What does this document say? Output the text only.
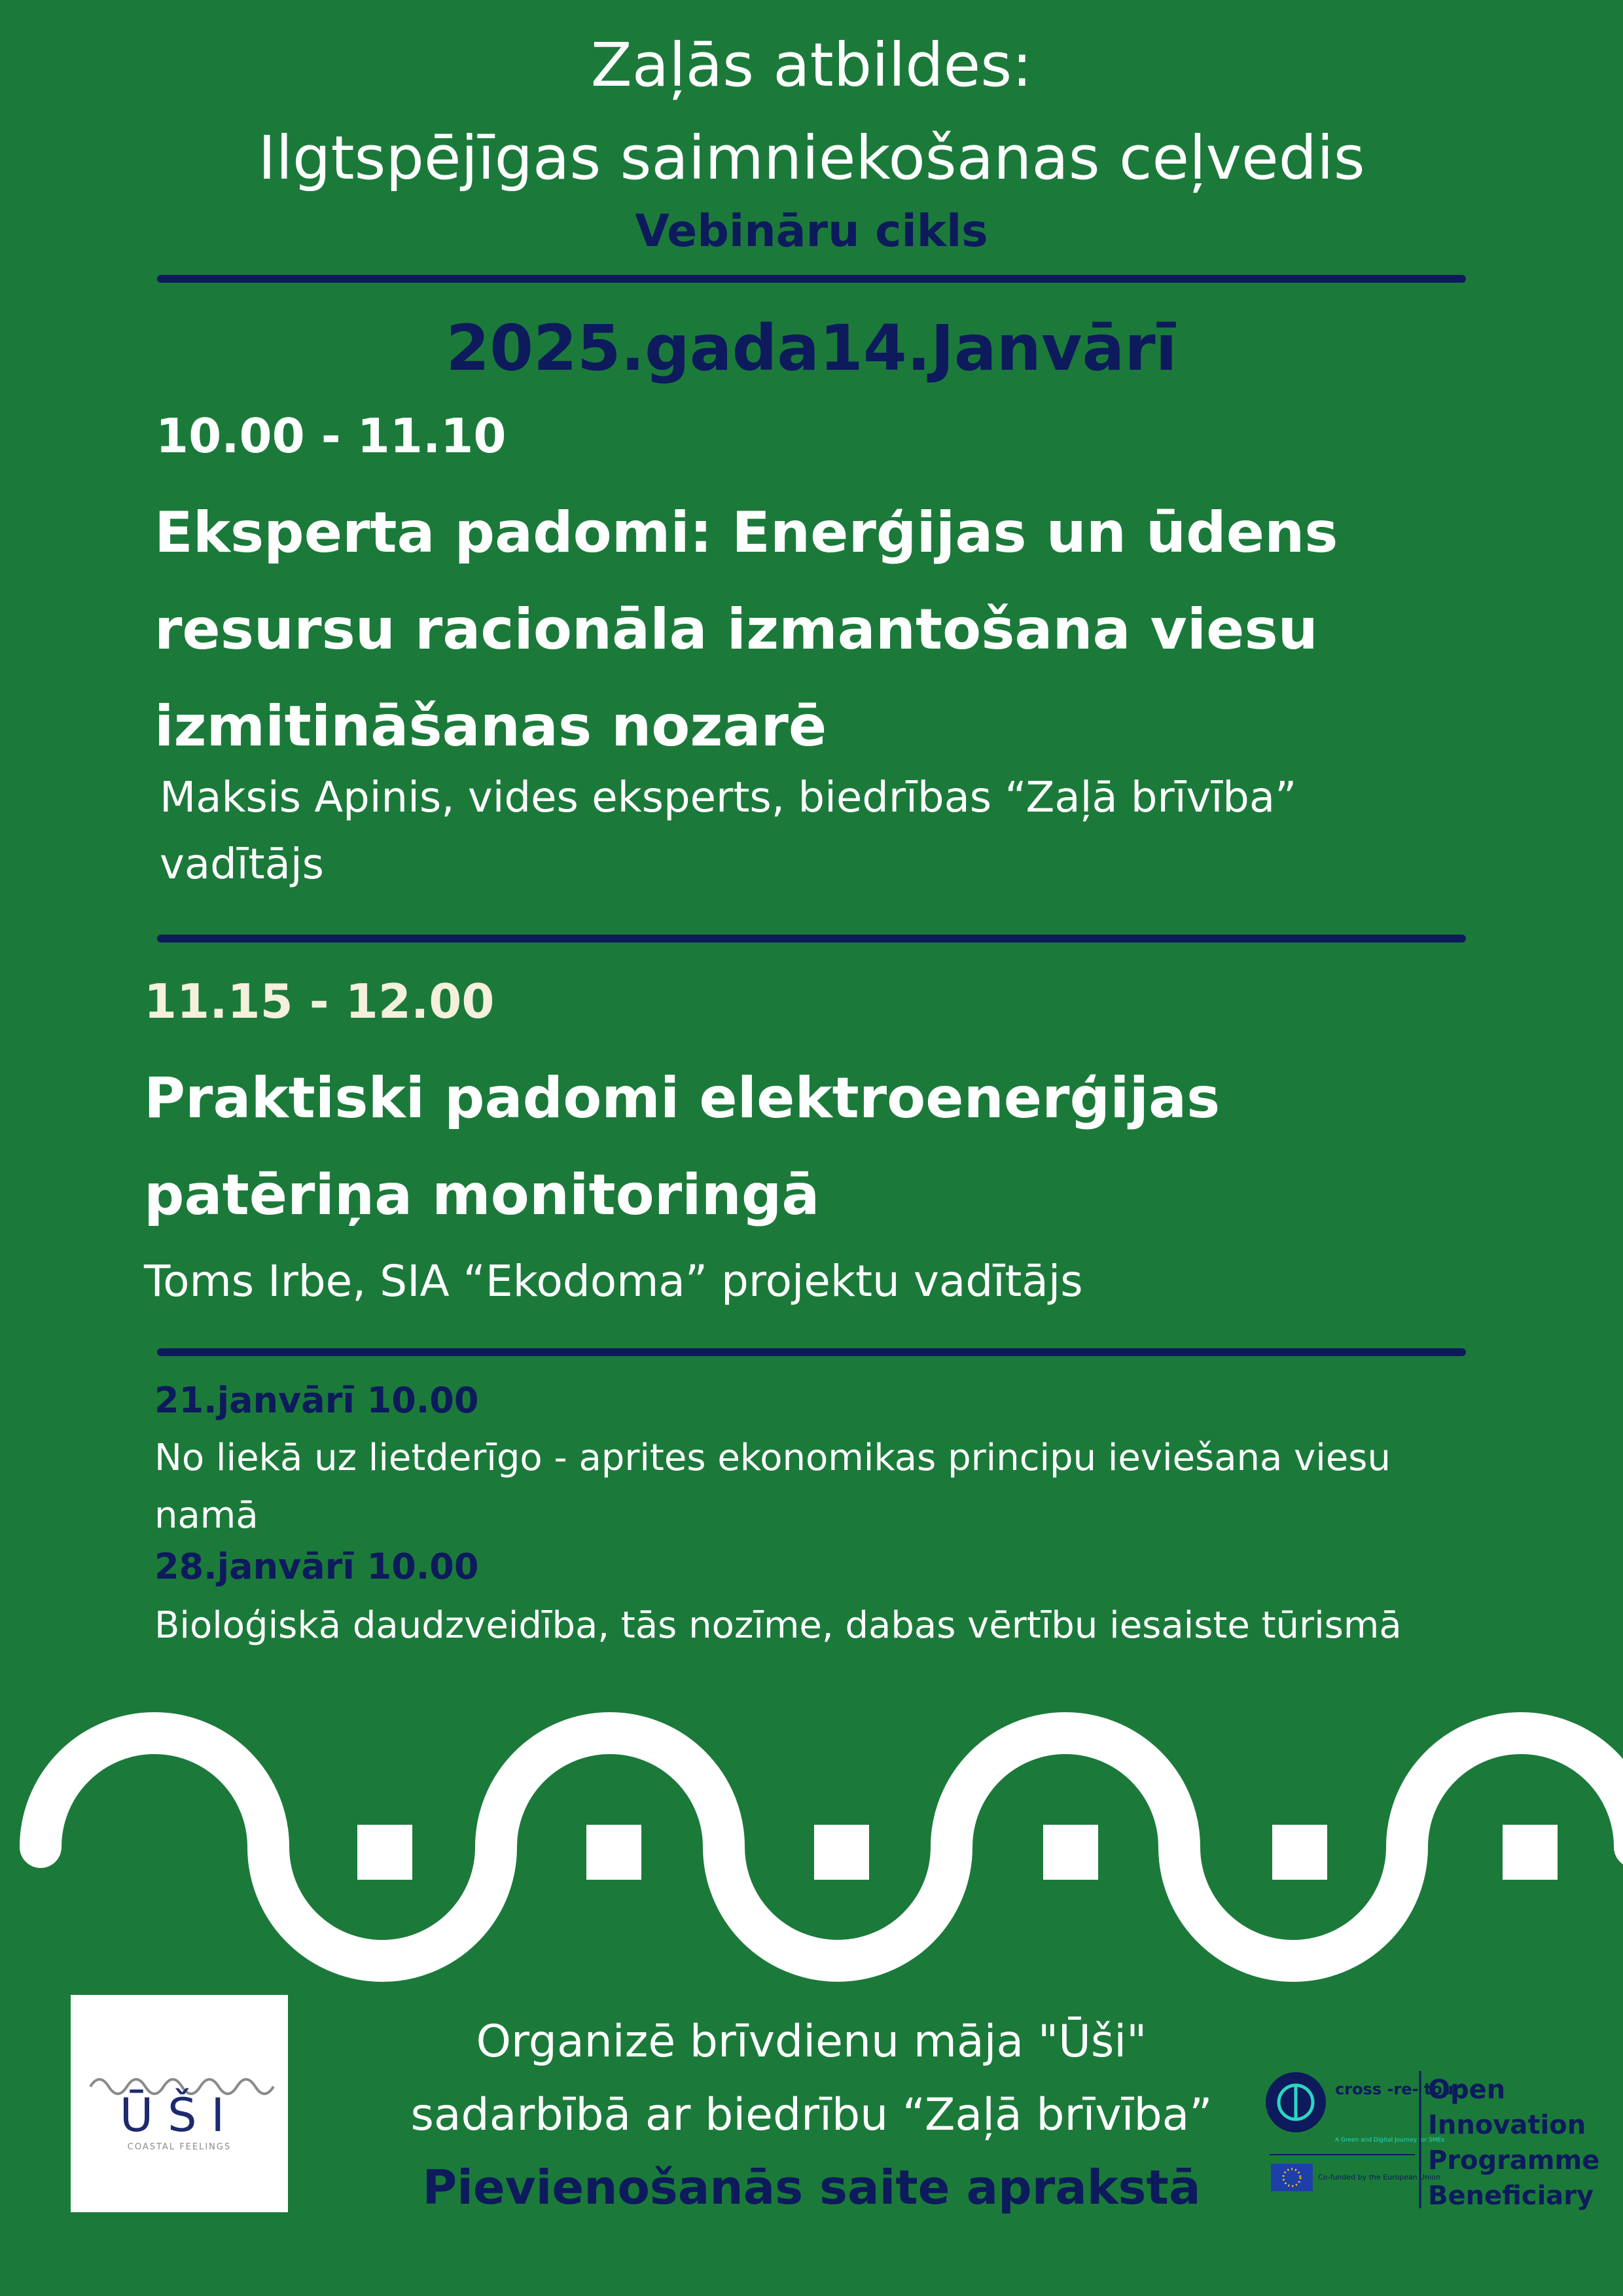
Zaļās atbildes:
Ilgtspējīgas saimniekošanas ceļvedis
Vebināru cikls
2025.gada14.Janvārī
10.00 - 11.10
Eksperta padomi: Enerģijas un ūdens resursu racionāla izmantošana viesu izmitināšanas nozarē
Maksis Apinis, vides eksperts, biedrības “Zaļā brīvība” vadītājs
11.15 - 12.00
Praktiski padomi elektroenerģijas patēriņa monitoringā
Toms Irbe, SIA “Ekodoma” projektu vadītājs
21.janvārī 10.00
No liekā uz lietderīgo - aprites ekonomikas principu ieviešana viesu namā
28.janvārī 10.00
Bioloģiskā daudzveidība, tās nozīme, dabas vērtību iesaiste tūrismā
ŪŠI
COASTAL FEELINGS
Organizē brīvdienu māja "Ūši"
sadarbībā ar biedrību “Zaļā brīvība”
Pievienošanās saite aprakstā
cross -re- tour
A Green and Digital Journey for SMEs
Co-funded by the European Union
Open Innovation Programme Beneficiary
